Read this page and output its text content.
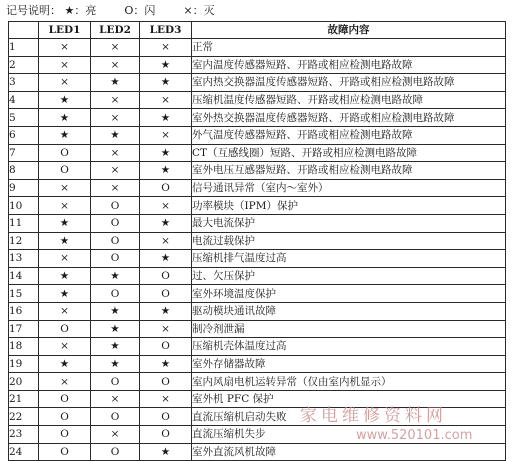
记号说明： ★：亮	O：闪	×：灭
	LED1	LED2	LED3	故障内容
1	×	×	×	正常
2	×	×	★	室内温度传感器短路、开路或相应检测电路故障
3	×	★	★	室内热交换器温度传感器短路、开路或相应检测电路故障
4	★	×	×	压缩机温度传感器短路、开路或相应检测电路故障
5	★	×	★	室外热交换器温度传感器短路、开路或相应检测电路故障
6	★	★	×	外气温度传感器短路、开路或相应检测电路故障
7	O	×	★	CT（互感线圈）短路、开路或相应检测电路故障
8	O	×	★	室外电压互感器短路、开路或相应检测电路故障
9	×	×	O	信号通讯异常（室内～室外）
10	×	O	×	功率模块（IPM）保护
11	★	O	★	最大电流保护
12	★	O	×	电流过载保护
13	×	O	★	压缩机排气温度过高
14	★	★	O	过、欠压保护
15	★	O	O	室外环境温度保护
16	×	★	★	驱动模块通讯故障
17	O	★	×	制冷剂泄漏
18	×	★	O	压缩机壳体温度过高
19	★	★	★	室外存储器故障
20	×	O	O	室内风扇电机运转异常（仅由室内机显示）
21	O	×	×	室外机 PFC 保护
22	O	O	O	直流压缩机启动失败
23	O	×	O	直流压缩机失步
24	O	O	★	室外直流风机故障
家电维修资料网
www.520101.com
